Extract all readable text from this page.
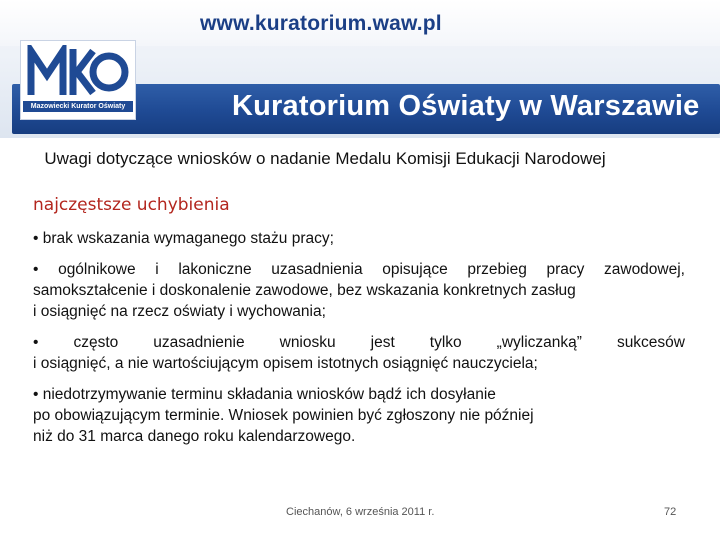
www.kuratorium.waw.pl
Mazowiecki Kurator Oświaty	Kuratorium Oświaty w Warszawie
Uwagi dotyczące wniosków o nadanie Medalu Komisji Edukacji Narodowej
najczęstsze uchybienia

• brak wskazania wymaganego stażu pracy;

• ogólnikowe i lakoniczne uzasadnienia opisujące przebieg pracy zawodowej,
samokształcenie i doskonalenie zawodowe, bez wskazania konkretnych zasług
i osiągnięć na rzecz oświaty i wychowania;

• często uzasadnienie wniosku jest tylko „wyliczanką” sukcesów
i osiągnięć, a nie wartościującym opisem istotnych osiągnięć nauczyciela;

• niedotrzymywanie terminu składania wniosków bądź ich dosyłanie
po obowiązującym terminie. Wniosek powinien być zgłoszony nie później
niż do 31 marca danego roku kalendarzowego.

Ciechanów, 6 września 2011 r.	72
